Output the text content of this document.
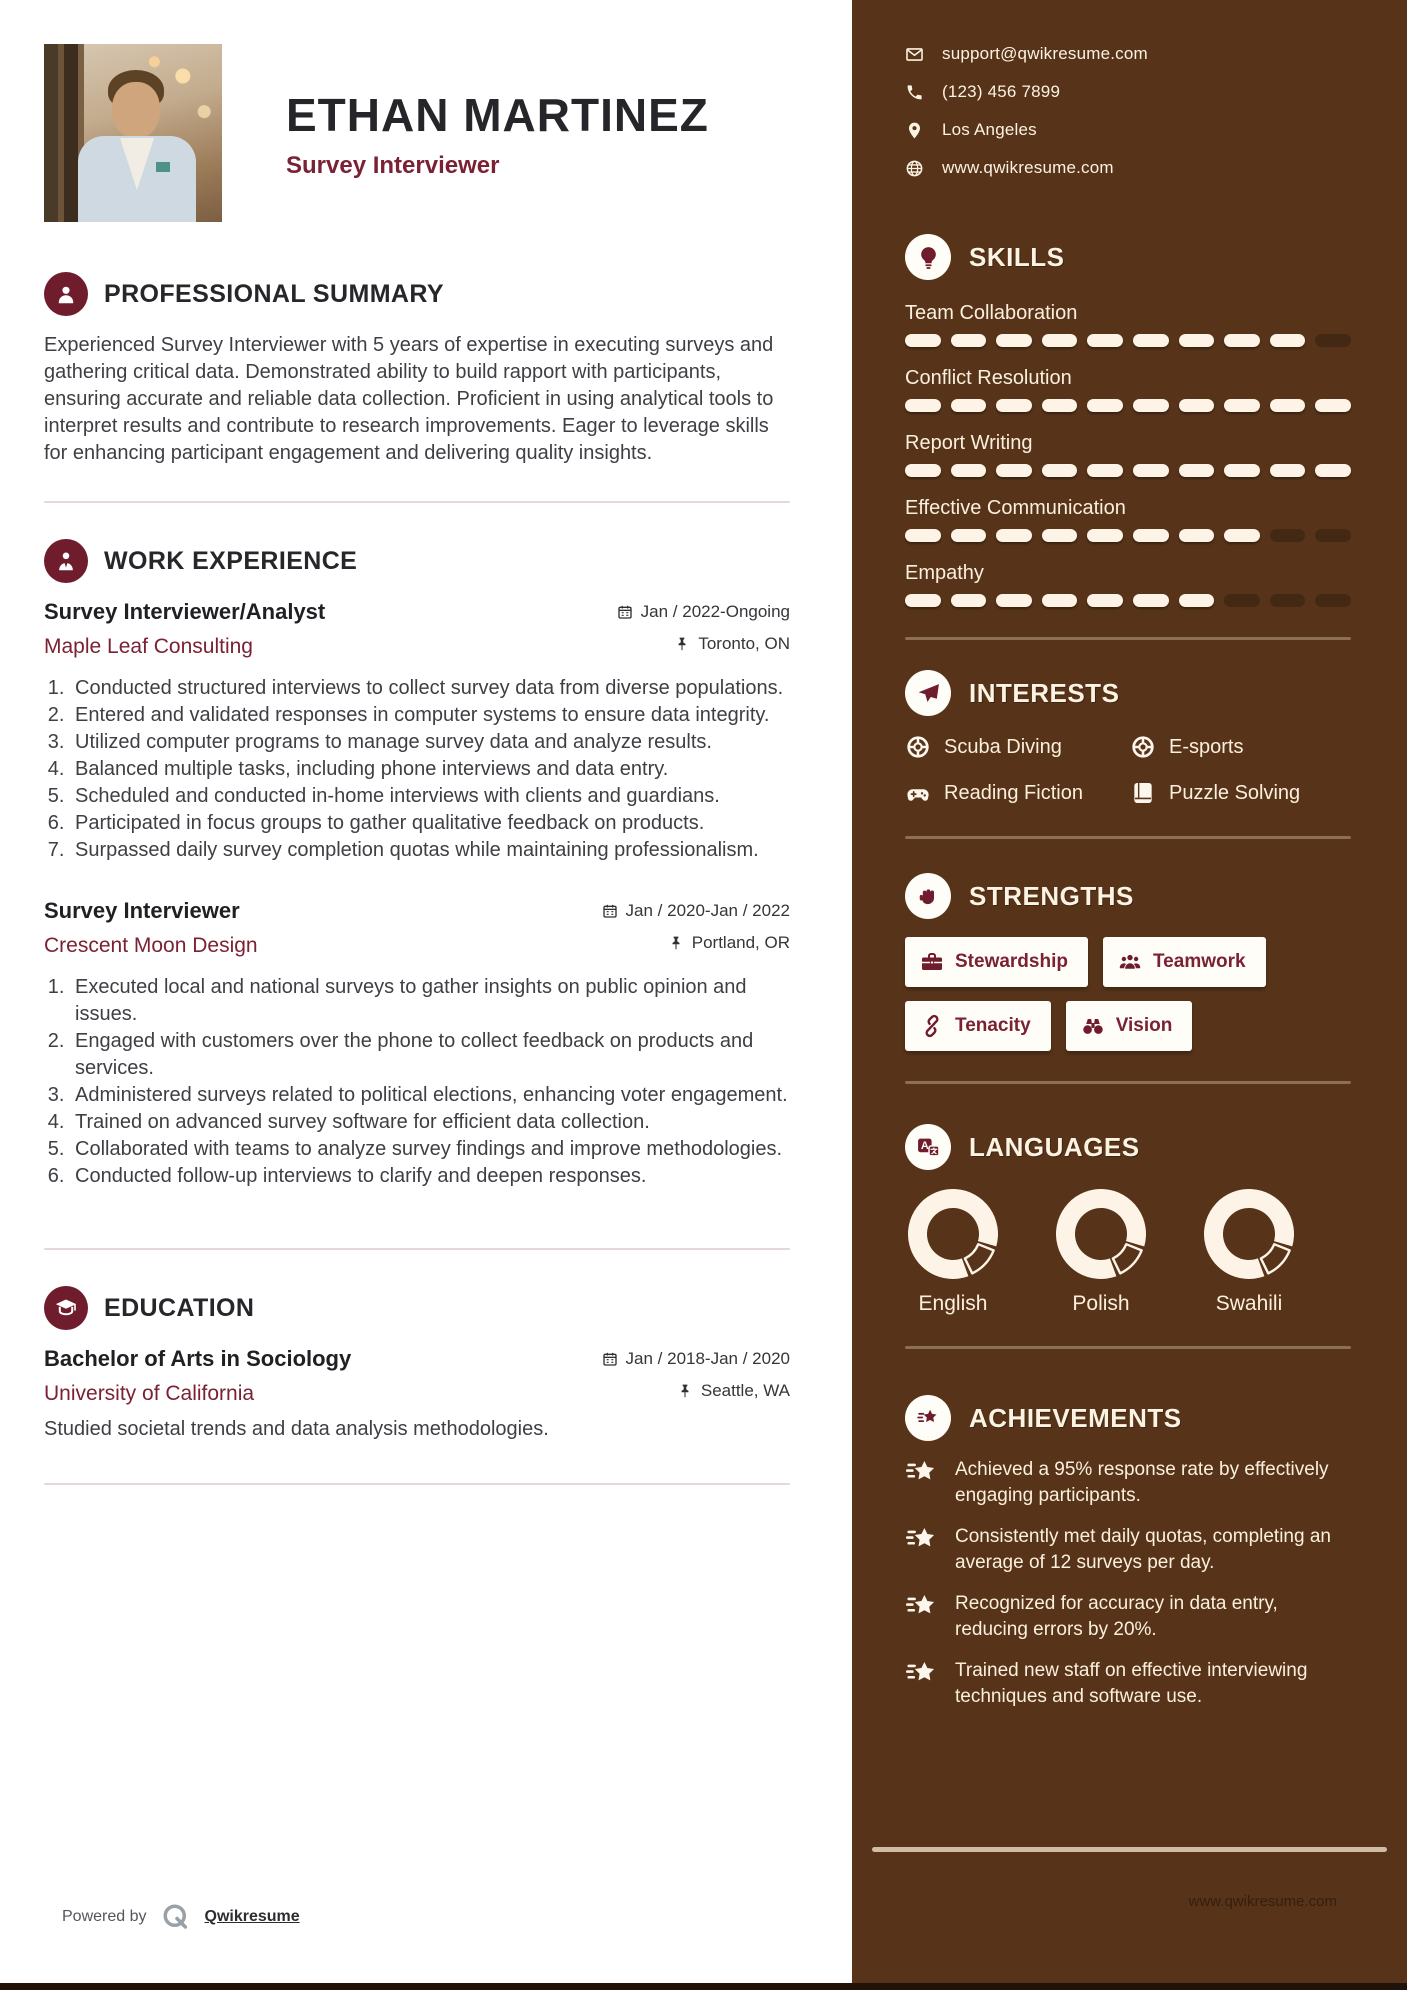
ETHAN MARTINEZ
Survey Interviewer
PROFESSIONAL SUMMARY

Experienced Survey Interviewer with 5 years of expertise in executing surveys and gathering critical data. Demonstrated ability to build rapport with participants, ensuring accurate and reliable data collection. Proficient in using analytical tools to interpret results and contribute to research improvements. Eager to leverage skills for enhancing participant engagement and delivering quality insights.

WORK EXPERIENCE
Survey Interviewer/Analyst
Maple Leaf Consulting
Jan / 2022-Ongoing
Toronto, ON
1. Conducted structured interviews to collect survey data from diverse populations.
2. Entered and validated responses in computer systems to ensure data integrity.
3. Utilized computer programs to manage survey data and analyze results.
4. Balanced multiple tasks, including phone interviews and data entry.
5. Scheduled and conducted in-home interviews with clients and guardians.
6. Participated in focus groups to gather qualitative feedback on products.
7. Surpassed daily survey completion quotas while maintaining professionalism.
Survey Interviewer
Crescent Moon Design
Jan / 2020-Jan / 2022
Portland, OR
1. Executed local and national surveys to gather insights on public opinion and issues.
2. Engaged with customers over the phone to collect feedback on products and services.
3. Administered surveys related to political elections, enhancing voter engagement.
4. Trained on advanced survey software for efficient data collection.
5. Collaborated with teams to analyze survey findings and improve methodologies.
6. Conducted follow-up interviews to clarify and deepen responses.
EDUCATION
Bachelor of Arts in Sociology
University of California
Jan / 2018-Jan / 2020
Seattle, WA

Studied societal trends and data analysis methodologies.

Powered by	Qwikresume
support@qwikresume.com
(123) 456 7899
Los Angeles
www.qwikresume.com
SKILLS
Team Collaboration
Conflict Resolution
Report Writing
Effective Communication
Empathy
INTERESTS
Scuba Diving	E-sports
Reading Fiction	Puzzle Solving
STRENGTHS
Stewardship	Teamwork
Tenacity	Vision
A LANGUAGES
English	Polish	Swahili
ACHIEVEMENTS
Achieved a 95% response rate by effectively engaging participants.
Consistently met daily quotas, completing an average of 12 surveys per day.
Recognized for accuracy in data entry, reducing errors by 20%.
Trained new staff on effective interviewing techniques and software use.
www.qwikresume.com
